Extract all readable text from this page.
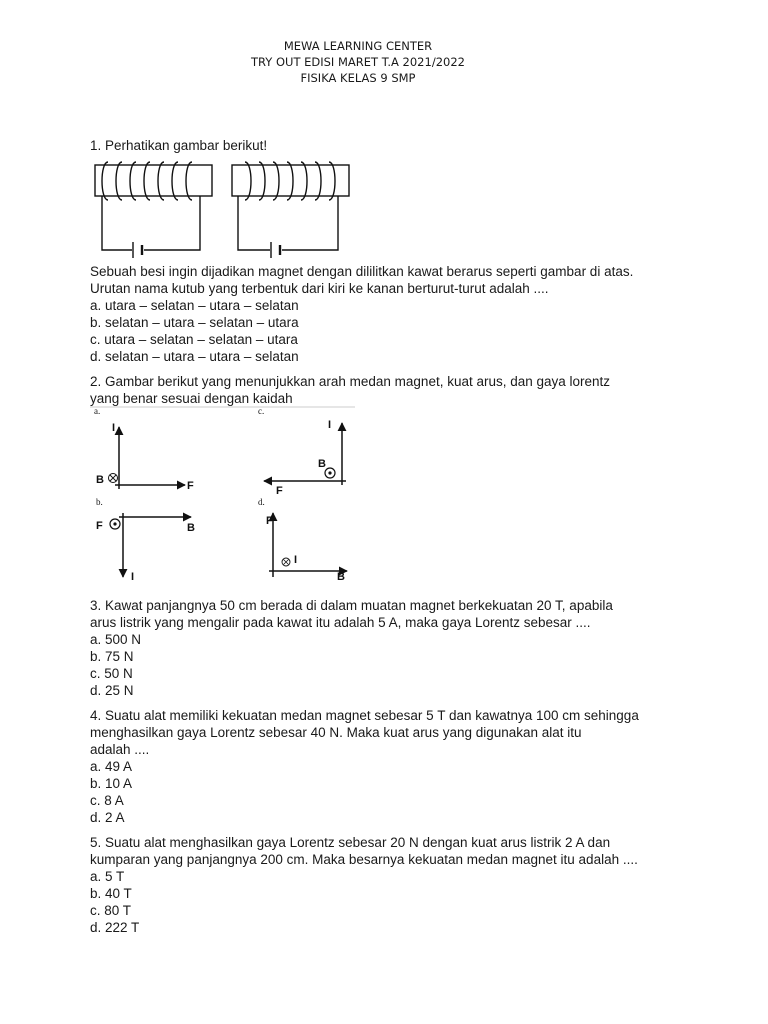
MEWA LEARNING CENTER
TRY OUT EDISI MARET T.A 2021/2022
FISIKA KELAS 9 SMP
1. Perhatikan gambar berikut!
Sebuah besi ingin dijadikan magnet dengan dililitkan kawat berarus seperti gambar di atas.
Urutan nama kutub yang terbentuk dari kiri ke kanan berturut-turut adalah ....
a. utara – selatan – utara – selatan
b. selatan – utara – selatan – utara
c. utara – selatan – selatan – utara
d. selatan – utara – utara – selatan
2. Gambar berikut yang menunjukkan arah medan magnet, kuat arus, dan gaya lorentz
yang benar sesuai dengan kaidah
a.
I
B	F
c.
I
B
F
b.
F	B
I
d.
F
I
B
3. Kawat panjangnya 50 cm berada di dalam muatan magnet berkekuatan 20 T, apabila
arus listrik yang mengalir pada kawat itu adalah 5 A, maka gaya Lorentz sebesar ....
a. 500 N
b. 75 N
c. 50 N
d. 25 N
4. Suatu alat memiliki kekuatan medan magnet sebesar 5 T dan kawatnya 100 cm sehingga
menghasilkan gaya Lorentz sebesar 40 N. Maka kuat arus yang digunakan alat itu
adalah ....
a. 49 A
b. 10 A
c. 8 A
d. 2 A
5. Suatu alat menghasilkan gaya Lorentz sebesar 20 N dengan kuat arus listrik 2 A dan
kumparan yang panjangnya 200 cm. Maka besarnya kekuatan medan magnet itu adalah ....
a. 5 T
b. 40 T
c. 80 T
d. 222 T
